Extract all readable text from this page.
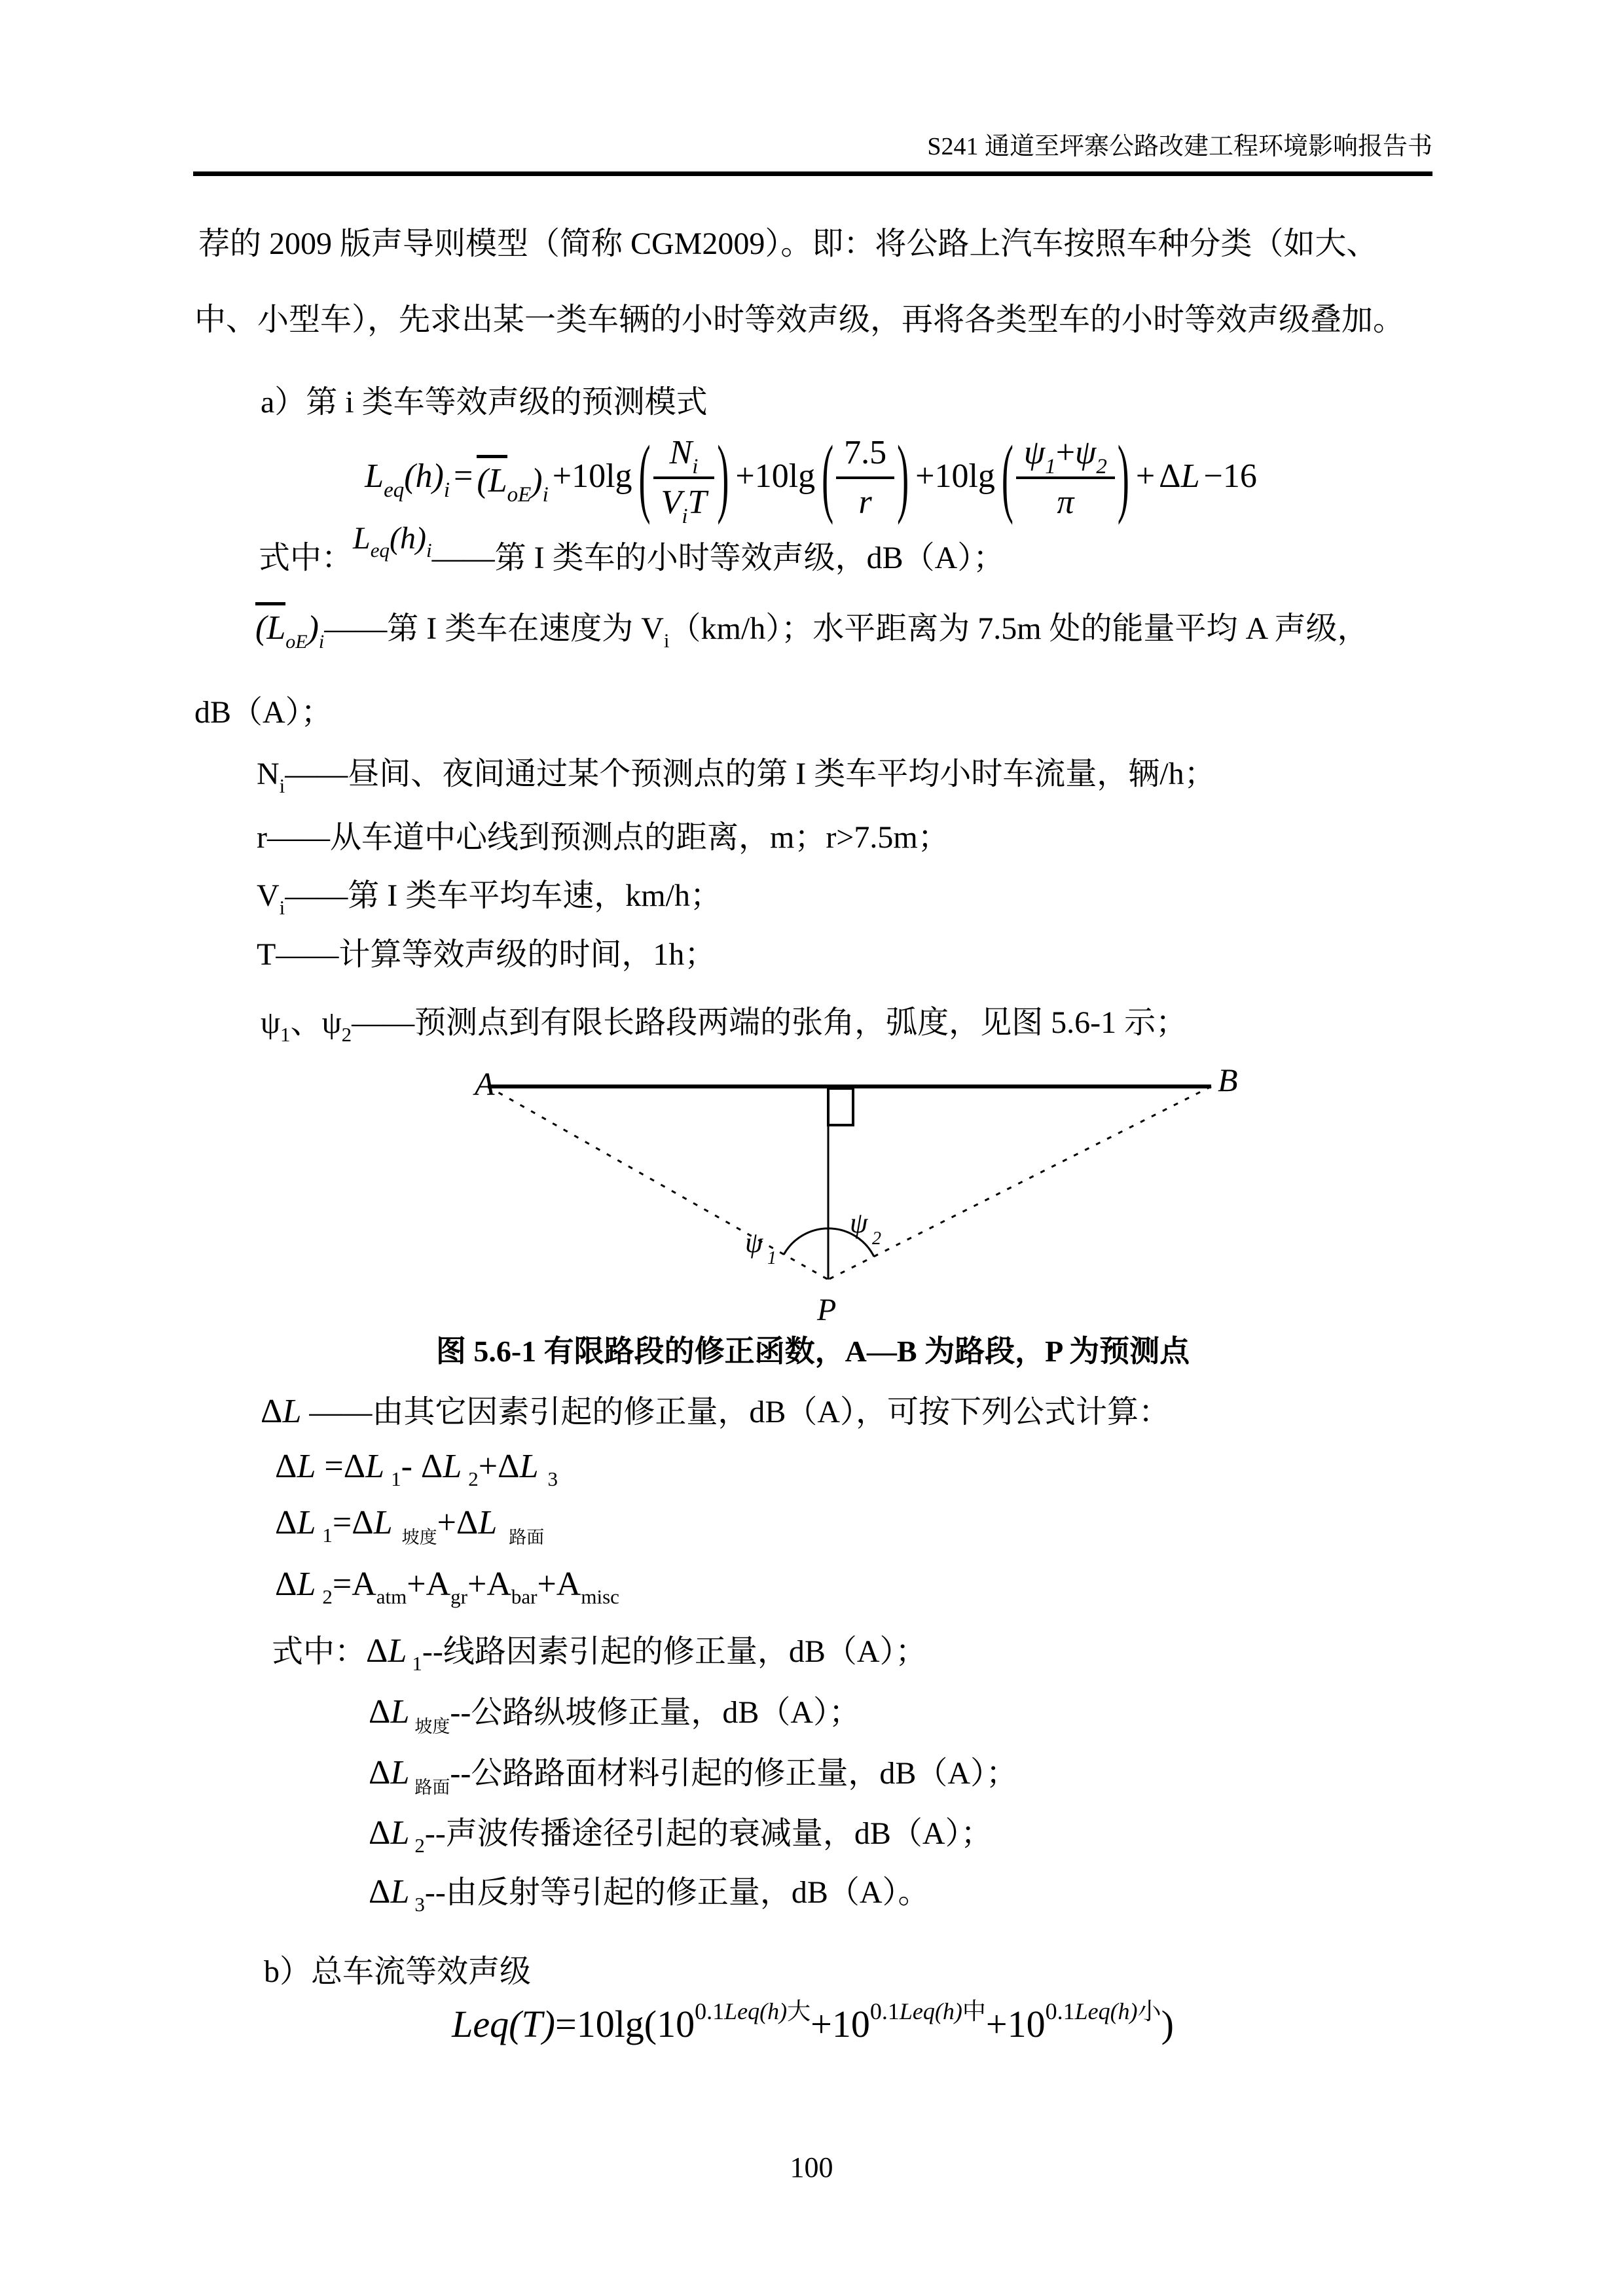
S241 通道至坪寨公路改建工程环境影响报告书
荐的 2009 版声导则模型（简称 CGM2009）。即：将公路上汽车按照车种分类（如大、
中、小型车），先求出某一类车辆的小时等效声级，再将各类型车的小时等效声级叠加。
a）第 i 类车等效声级的预测模式
$L_{eq}(h)_i = (L_{oE})_i +10\lg$ ( $\frac{N_i}{V_iT}$ ) +10lg ( $\frac{7.5}{r}$ ) +10lg ( $\frac{\psi_1+\psi_2}{\pi}$ ) + ΔL −16
式中：$L_{eq}(h)_i——$第 I 类车的小时等效声级，dB（A）；
$(L_{oE})_i——$第 I 类车在速度为 $V_i(km/h)$；水平距离为 7.5m 处的能量平均 A 声级，
dB（A）；
$N_i——$昼间、夜间通过某个预测点的第 I 类车平均小时车流量，辆/h；
r——从车道中心线到预测点的距离，m；r>7.5m；
$V_i——$第 I 类车平均车速，km/h；
T——计算等效声级的时间，1h；
$\psi_1$、$\psi_2——$预测点到有限长路段两端的张角，弧度，见图 5.6-1 示；
A	B
P
ψ 1
ψ 2
图 5.6-1 有限路段的修正函数，A—B 为路段，P 为预测点
ΔL ——由其它因素引起的修正量，dB（A），可按下列公式计算：
ΔL =ΔL $_1$- ΔL $_2$+ΔL $_3$
ΔL $_1$=ΔL $_{坡度}$+ΔL $_{路面}$
ΔL $_2=A_{atm}+A_{gr}+A_{bar}+A_{misc}$
式中：ΔL $_1$--线路因素引起的修正量，dB（A）；
ΔL $_{坡度}$--公路纵坡修正量，dB（A）；
ΔL $_{路面}$--公路路面材料引起的修正量，dB（A）；
ΔL $_2$--声波传播途径引起的衰减量，dB（A）；
ΔL $_3$--由反射等引起的修正量，dB（A）。
b）总车流等效声级
$Leq(T)=10\lg(10^{0.1Leq(h)大}+10^{0.1Leq(h)中}+10^{0.1Leq(h)小})$
100
